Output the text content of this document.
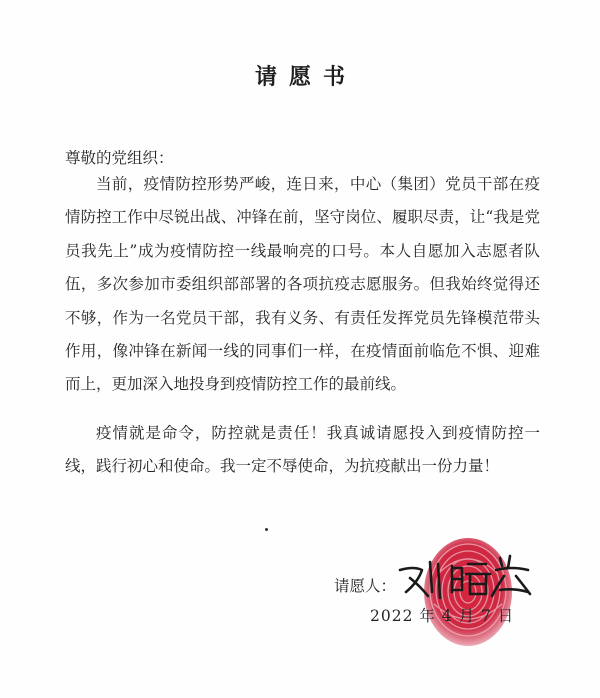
请愿书
尊敬的党组织：

当前，疫情防控形势严峻，连日来，中心（集团）党员干部在疫情防控工作中尽锐出战、冲锋在前，坚守岗位、履职尽责，让“我是党员我先上”成为疫情防控一线最响亮的口号。本人自愿加入志愿者队伍，多次参加市委组织部部署的各项抗疫志愿服务。但我始终觉得还不够，作为一名党员干部，我有义务、有责任发挥党员先锋模范带头作用，像冲锋在新闻一线的同事们一样，在疫情面前临危不惧、迎难而上，更加深入地投身到疫情防控工作的最前线。

疫情就是命令，防控就是责任！我真诚请愿投入到疫情防控一线，践行初心和使命。我一定不辱使命，为抗疫献出一份力量！

请愿人：
2022 年 4 月 7 日
